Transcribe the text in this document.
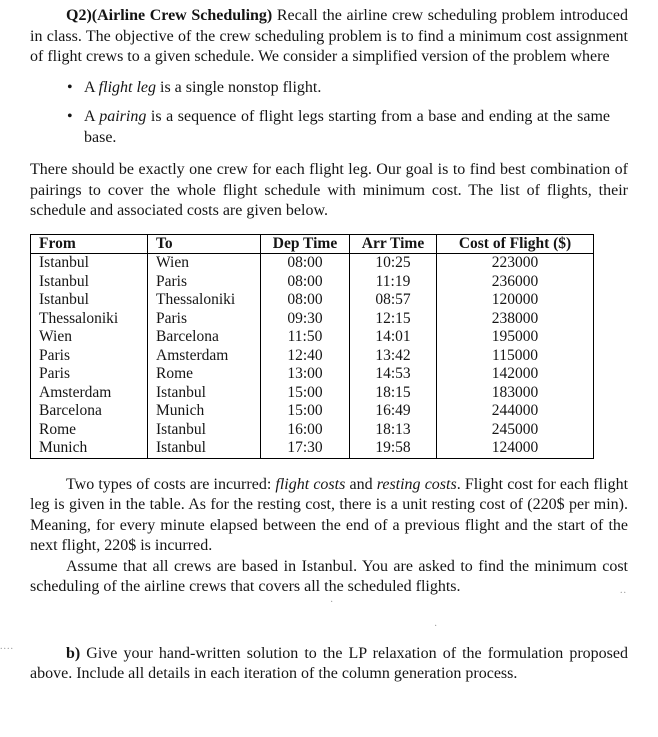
Q2)(Airline Crew Scheduling) Recall the airline crew scheduling problem introduced in class. The objective of the crew scheduling problem is to find a minimum cost assignment of flight crews to a given schedule. We consider a simplified version of the problem where

• A flight leg is a single nonstop flight.
• A pairing is a sequence of flight legs starting from a base and ending at the same base.

There should be exactly one crew for each flight leg. Our goal is to find best combination of pairings to cover the whole flight schedule with minimum cost. The list of flights, their schedule and associated costs are given below.

From	To	Dep Time	Arr Time	Cost of Flight ($)
Istanbul	Wien	08:00	10:25	223000
Istanbul	Paris	08:00	11:19	236000
Istanbul	Thessaloniki	08:00	08:57	120000
Thessaloniki	Paris	09:30	12:15	238000
Wien	Barcelona	11:50	14:01	195000
Paris	Amsterdam	12:40	13:42	115000
Paris	Rome	13:00	14:53	142000
Amsterdam	Istanbul	15:00	18:15	183000
Barcelona	Munich	15:00	16:49	244000
Rome	Istanbul	16:00	18:13	245000
Munich	Istanbul	17:30	19:58	124000

Two types of costs are incurred: flight costs and resting costs. Flight cost for each flight leg is given in the table. As for the resting cost, there is a unit resting cost of (220$ per min). Meaning, for every minute elapsed between the end of a previous flight and the start of the next flight, 220$ is incurred.

Assume that all crews are based in Istanbul. You are asked to find the minimum cost scheduling of the airline crews that covers all the scheduled flights.

....
·
..
·

b) Give your hand-written solution to the LP relaxation of the formulation proposed above. Include all details in each iteration of the column generation process.
